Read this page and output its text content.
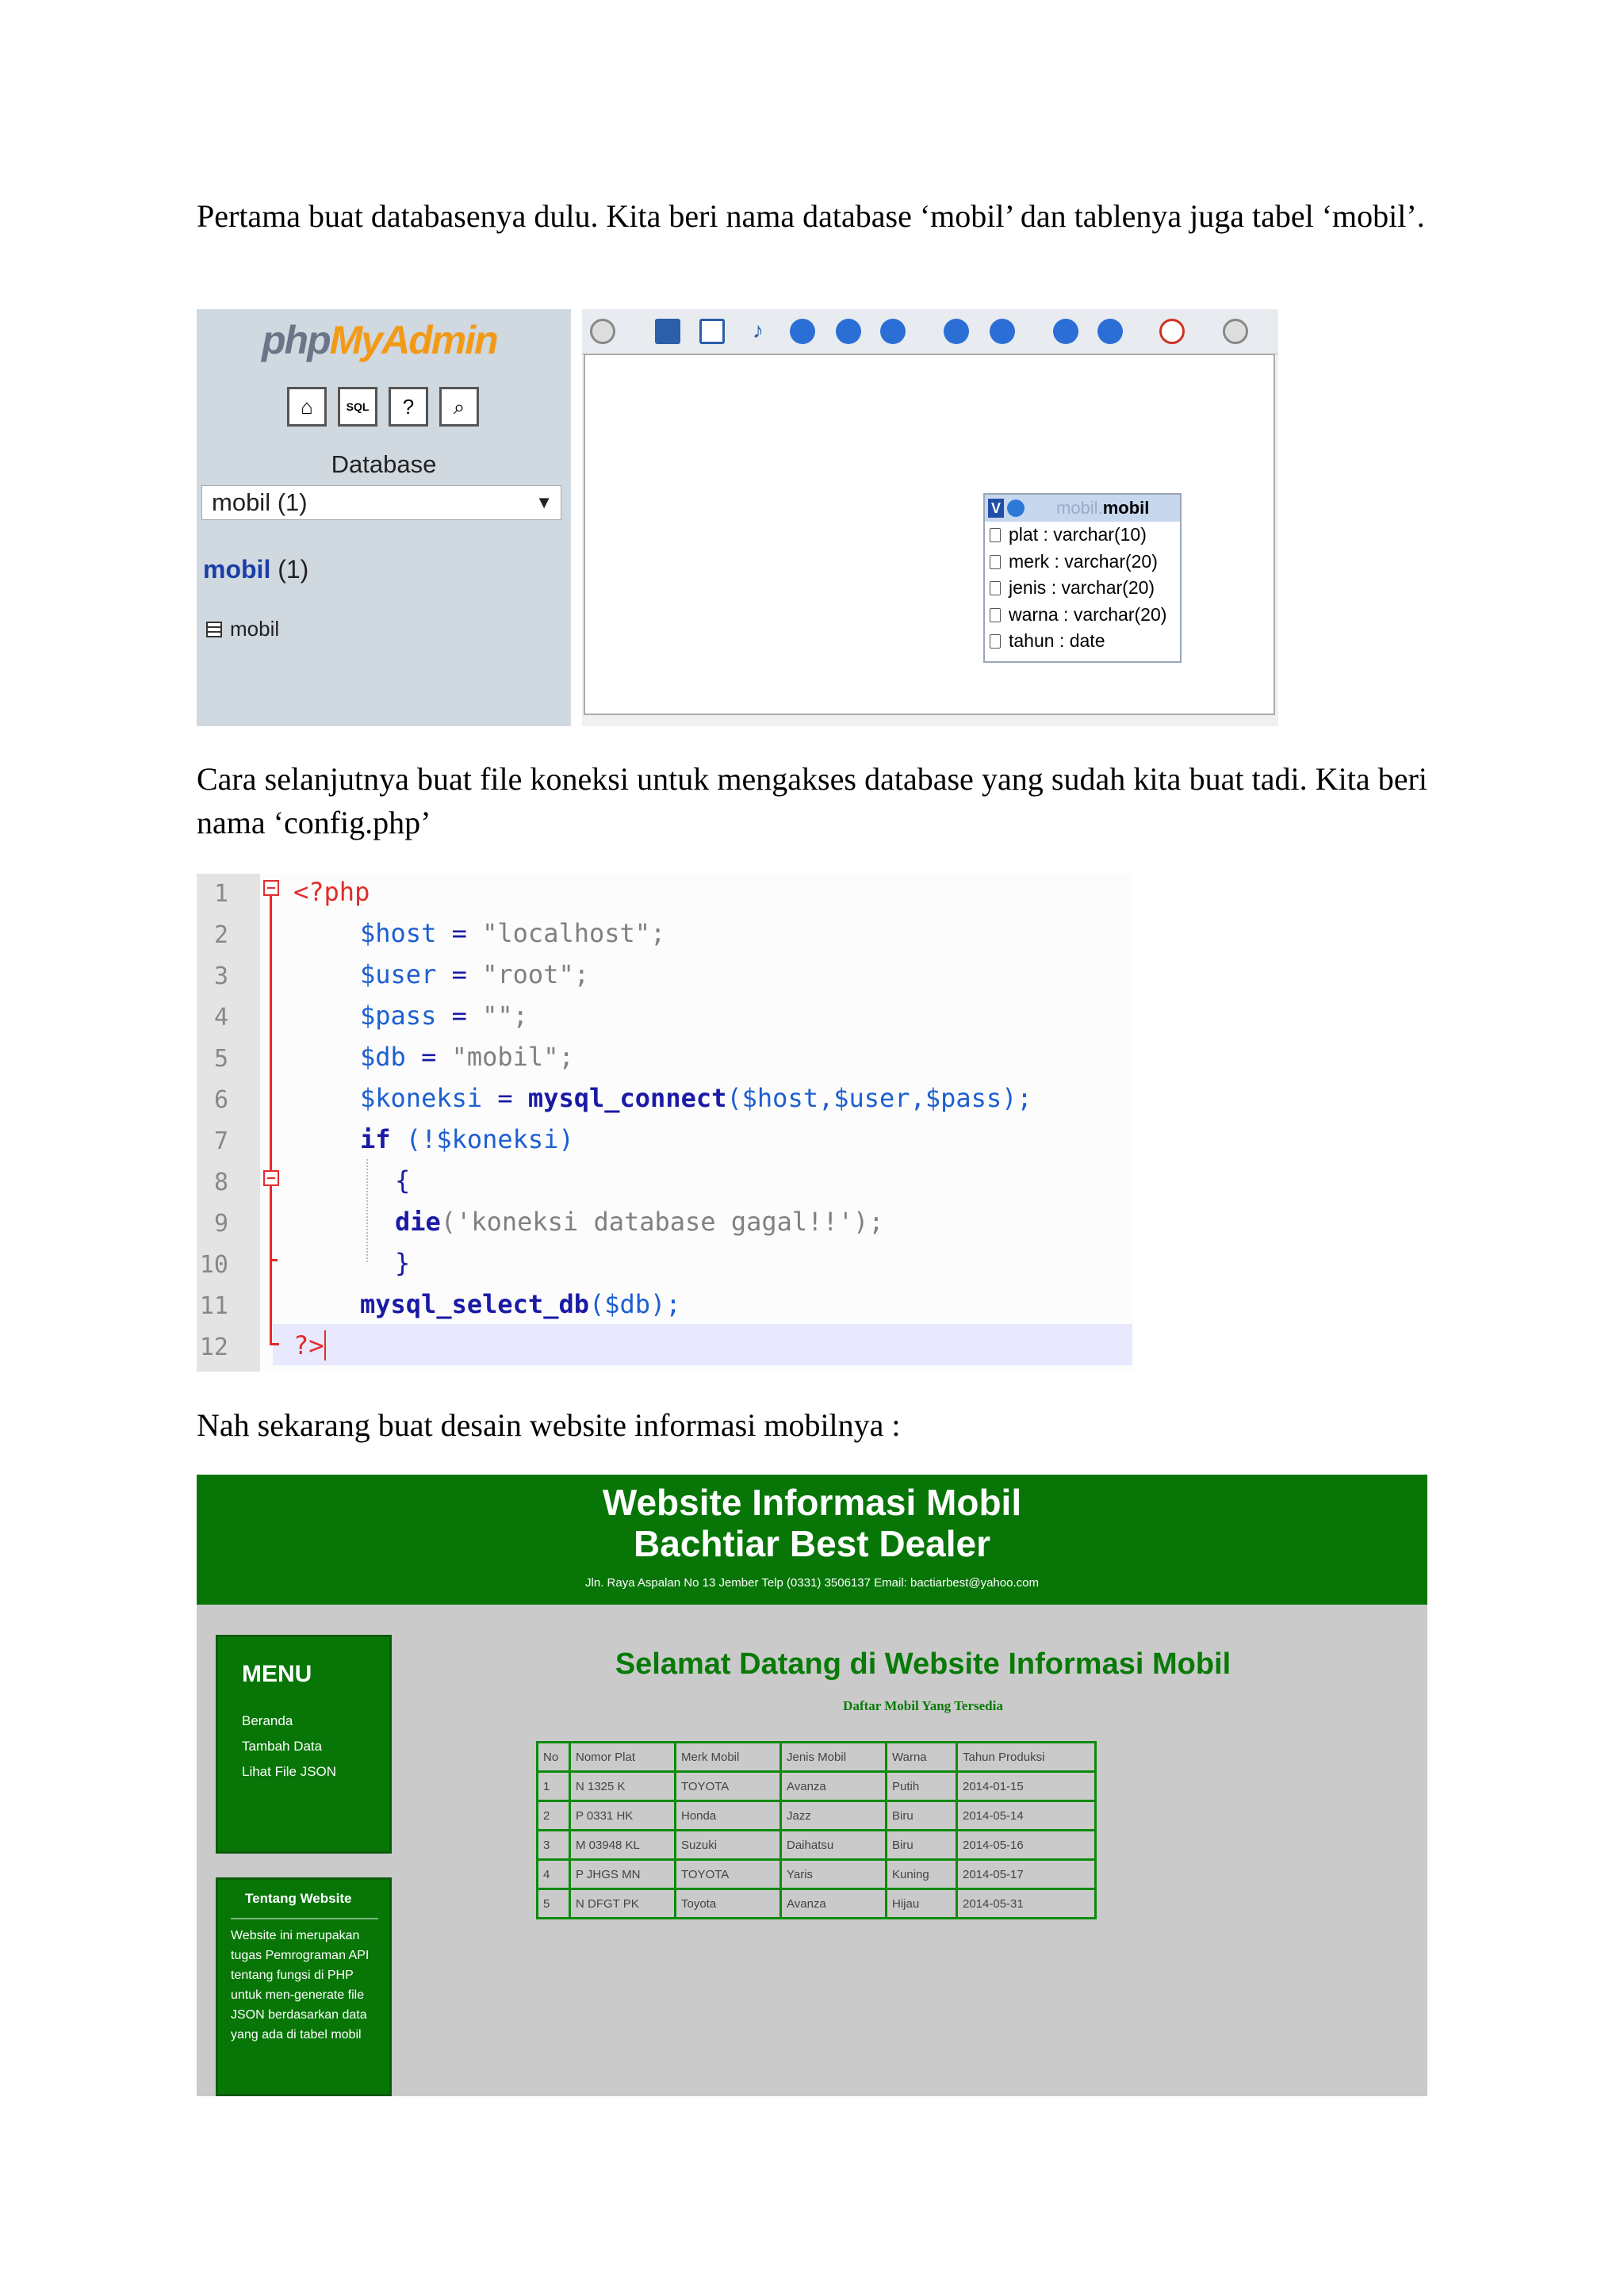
Pertama buat databasenya dulu. Kita beri nama database ‘mobil’ dan tablenya juga tabel ‘mobil’.
phpMyAdmin
⌂	SQL	?	⌕
Database
mobil (1)	▼
mobil (1)
mobil
♪
V	mobil.mobil
plat : varchar(10)
merk : varchar(20)
jenis : varchar(20)
warna : varchar(20)
tahun : date
Cara selanjutnya buat file koneksi untuk mengakses database yang sudah kita buat tadi. Kita beri nama ‘config.php’
1
2
3
4
5
6
7
8
9
10
11
12
<?php
$host = "localhost";
$user = "root";
$pass = "";
$db = "mobil";
$koneksi = mysql_connect($host,$user,$pass);
if (!$koneksi)
{
die('koneksi database gagal!!');
}
mysql_select_db($db);
?>
Nah sekarang buat desain website informasi mobilnya :
Website Informasi Mobil
Bachtiar Best Dealer
Jln. Raya Aspalan No 13 Jember Telp (0331) 3506137 Email: bactiarbest@yahoo.com
MENU
Beranda
Tambah Data
Lihat File JSON
Tentang Website
Website ini merupakan tugas Pemrograman API tentang fungsi di PHP untuk men-generate file JSON berdasarkan data yang ada di tabel mobil
Selamat Datang di Website Informasi Mobil
Daftar Mobil Yang Tersedia
No	Nomor Plat	Merk Mobil	Jenis Mobil	Warna	Tahun Produksi
1	N 1325 K	TOYOTA	Avanza	Putih	2014-01-15
2	P 0331 HK	Honda	Jazz	Biru	2014-05-14
3	M 03948 KL	Suzuki	Daihatsu	Biru	2014-05-16
4	P JHGS MN	TOYOTA	Yaris	Kuning	2014-05-17
5	N DFGT PK	Toyota	Avanza	Hijau	2014-05-31
